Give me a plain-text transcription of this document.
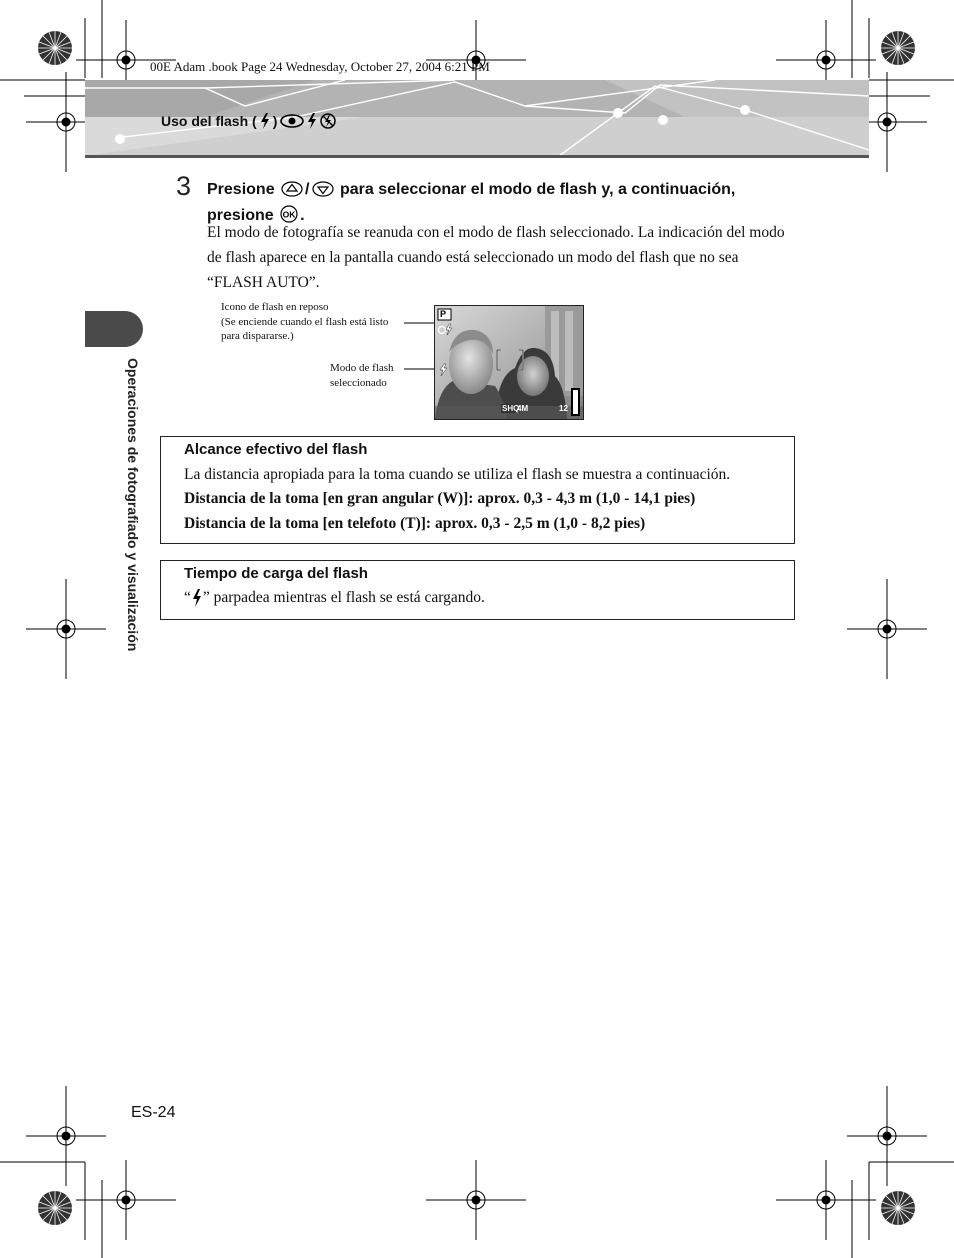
00E Adam .book Page 24 Wednesday, October 27, 2004 6:21 PM
Uso del flash ( )
Operaciones de fotografiado y visualización
3 Presione / para seleccionar el modo de flash y, a continuación,
presione OK .
El modo de fotografía se reanuda con el modo de flash seleccionado. La indicación del modo de flash aparece en la pantalla cuando está seleccionado un modo del flash que no sea “FLASH AUTO”.
Icono de flash en reposo
(Se enciende cuando el flash está listo para dispararse.)
Modo de flash
seleccionado
P
SHQ
4M	12
Alcance efectivo del flash
La distancia apropiada para la toma cuando se utiliza el flash se muestra a continuación.
Distancia de la toma [en gran angular (W)]: aprox. 0,3 - 4,3 m (1,0 - 14,1 pies)
Distancia de la toma [en telefoto (T)]: aprox. 0,3 - 2,5 m (1,0 - 8,2 pies)
Tiempo de carga del flash
“ ” parpadea mientras el flash se está cargando.
ES-24
